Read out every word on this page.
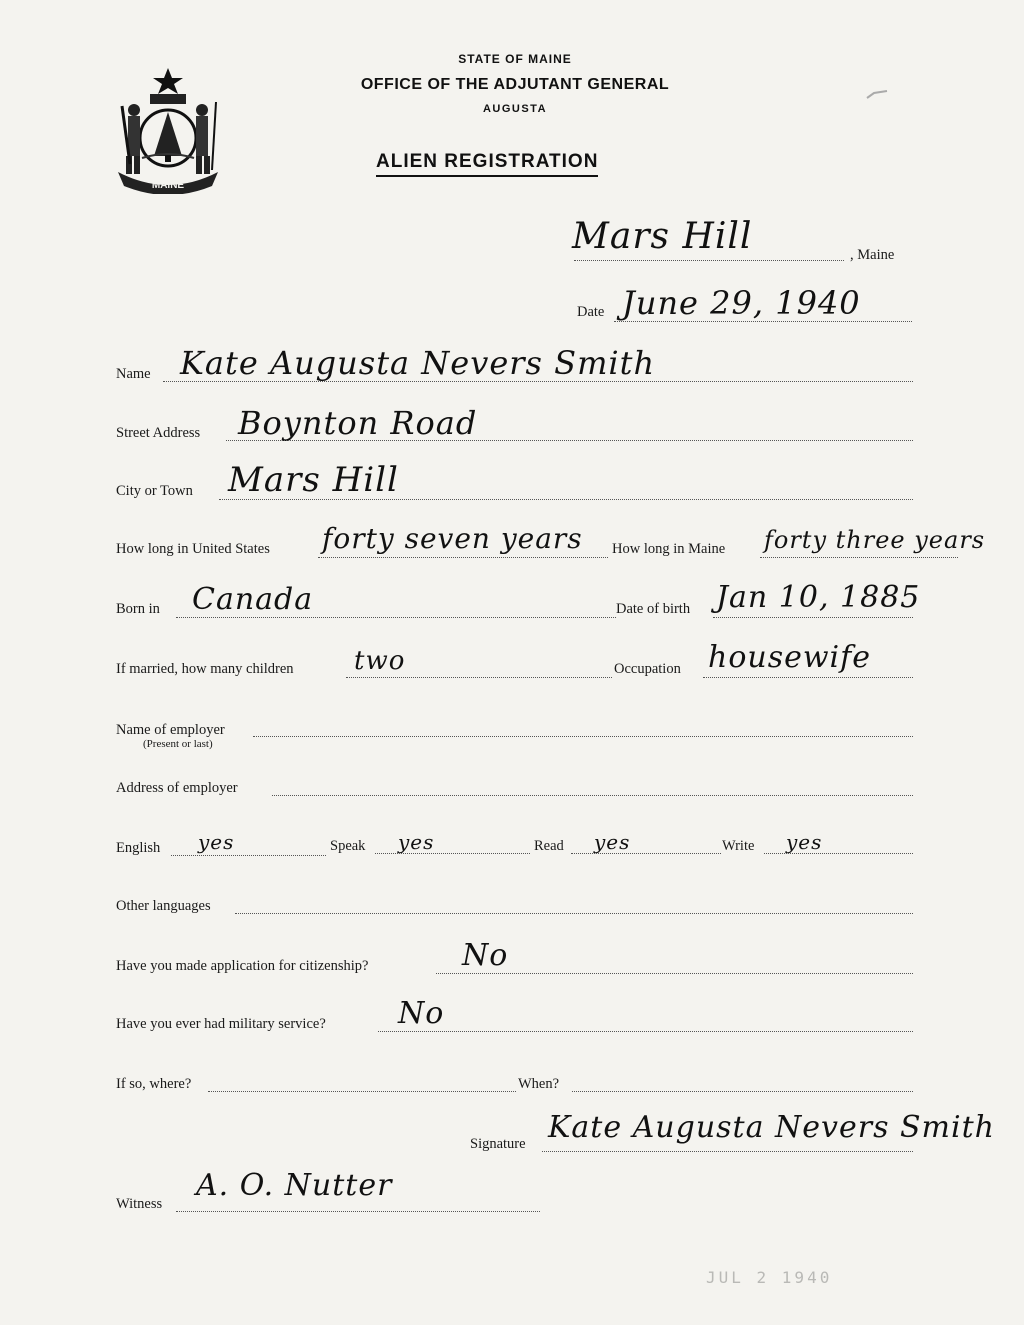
MAINE
STATE OF MAINE
OFFICE OF THE ADJUTANT GENERAL
AUGUSTA
ALIEN REGISTRATION
Mars Hill	, Maine
Date June 29, 1940
Name Kate Augusta Nevers Smith
Street Address Boynton Road
City or Town Mars Hill
How long in United States forty seven years How long in Maine forty three years
Born in Canada	Date of birth Jan 10, 1885
If married, how many children two	Occupation housewife
Name of employer
(Present or last)
Address of employer
English yes	Speak yes	Read yes	Write yes
Other languages
Have you made application for citizenship?	No
Have you ever had military service? No
If so, where?	When?
Signature Kate Augusta Nevers Smith
Witness
A. O. Nutter
JUL 2 1940
